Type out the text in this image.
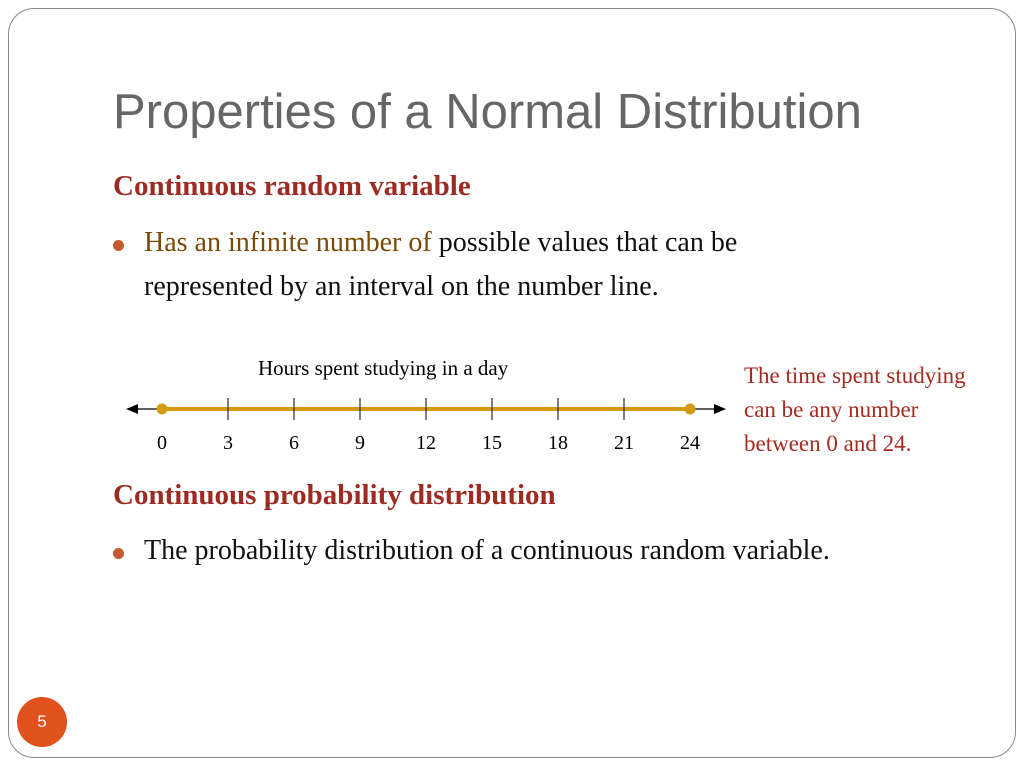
Properties of a Normal Distribution
Continuous random variable
Has an infinite number of possible values that can be
represented by an interval on the number line.
Hours spent studying in a day
0	3	6	9	12 15 18 21 24
The time spent studying can be any number between 0 and 24.
Continuous probability distribution
The probability distribution of a continuous random variable.
5
